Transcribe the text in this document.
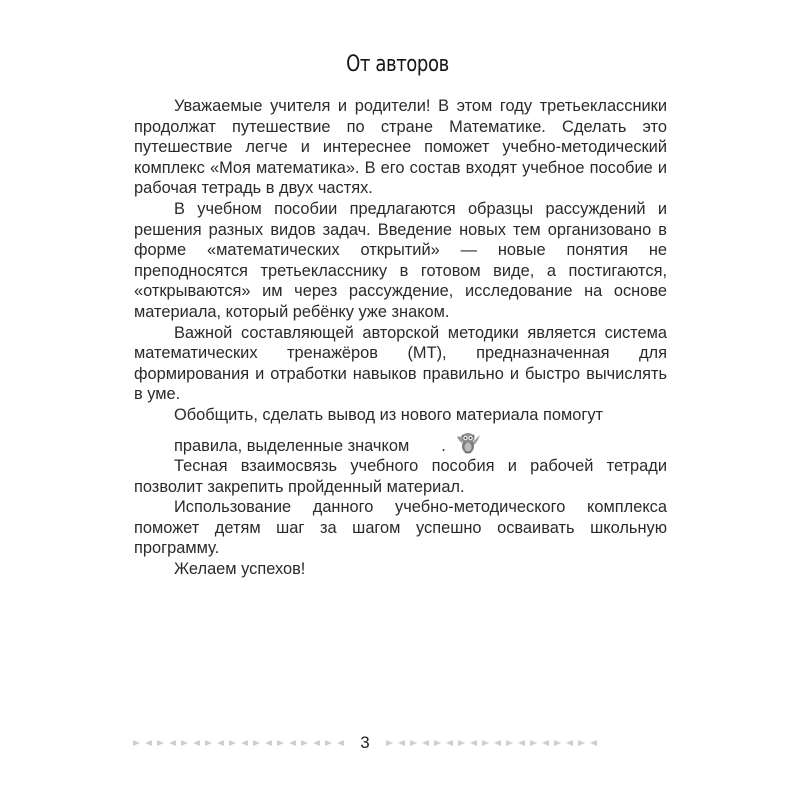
От авторов

Уважаемые учителя и родители! В этом году третьеклассники продолжат путешествие по стране Математике. Сделать это путешествие легче и интереснее поможет учебно-методический комплекс «Моя математика». В его состав входят учебное пособие и рабочая тетрадь в двух частях.

В учебном пособии предлагаются образцы рассуждений и решения разных видов задач. Введение новых тем организовано в форме «математических открытий» — новые понятия не преподносятся третьекласснику в готовом виде, а постигаются, «открываются» им через рассуждение, исследование на основе материала, который ребёнку уже знаком.

Важной составляющей авторской методики является система математических тренажёров (МТ), предназначенная для формирования и отработки навыков правильно и быстро вычислять в уме.

Обобщить, сделать вывод из нового материала помогут
правила, выделенные значком .

Тесная взаимосвязь учебного пособия и рабочей тетради позволит закрепить пройденный материал.

Использование данного учебно-методического комплекса поможет детям шаг за шагом успешно осваивать школьную программу.

Желаем успехов!

3
